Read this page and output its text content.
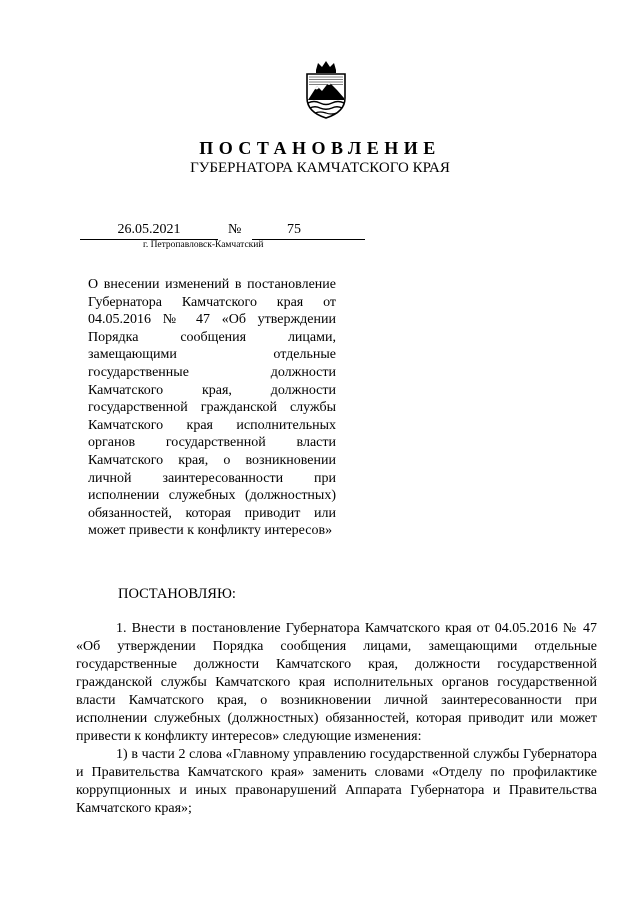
ПОСТАНОВЛЕНИЕ
ГУБЕРНАТОРА КАМЧАТСКОГО КРАЯ
26.05.2021	№	75
г. Петропавловск-Камчатский
О внесении изменений в постановление Губернатора Камчатского края от 04.05.2016 № 47 «Об утверждении Порядка сообщения лицами, замещающими отдельные государственные должности Камчатского края, должности государственной гражданской службы Камчатского края исполнительных органов государственной власти Камчатского края, о возникновении личной заинтересованности при исполнении служебных (должностных) обязанностей, которая приводит или может привести к конфликту интересов»
ПОСТАНОВЛЯЮ:

1. Внести в постановление Губернатора Камчатского края от 04.05.2016 № 47 «Об утверждении Порядка сообщения лицами, замещающими отдельные государственные должности Камчатского края, должности государственной гражданской службы Камчатского края исполнительных органов государственной власти Камчатского края, о возникновении личной заинтересованности при исполнении служебных (должностных) обязанностей, которая приводит или может привести к конфликту интересов» следующие изменения:

1) в части 2 слова «Главному управлению государственной службы Губернатора и Правительства Камчатского края» заменить словами «Отделу по профилактике коррупционных и иных правонарушений Аппарата Губернатора и Правительства Камчатского края»;
